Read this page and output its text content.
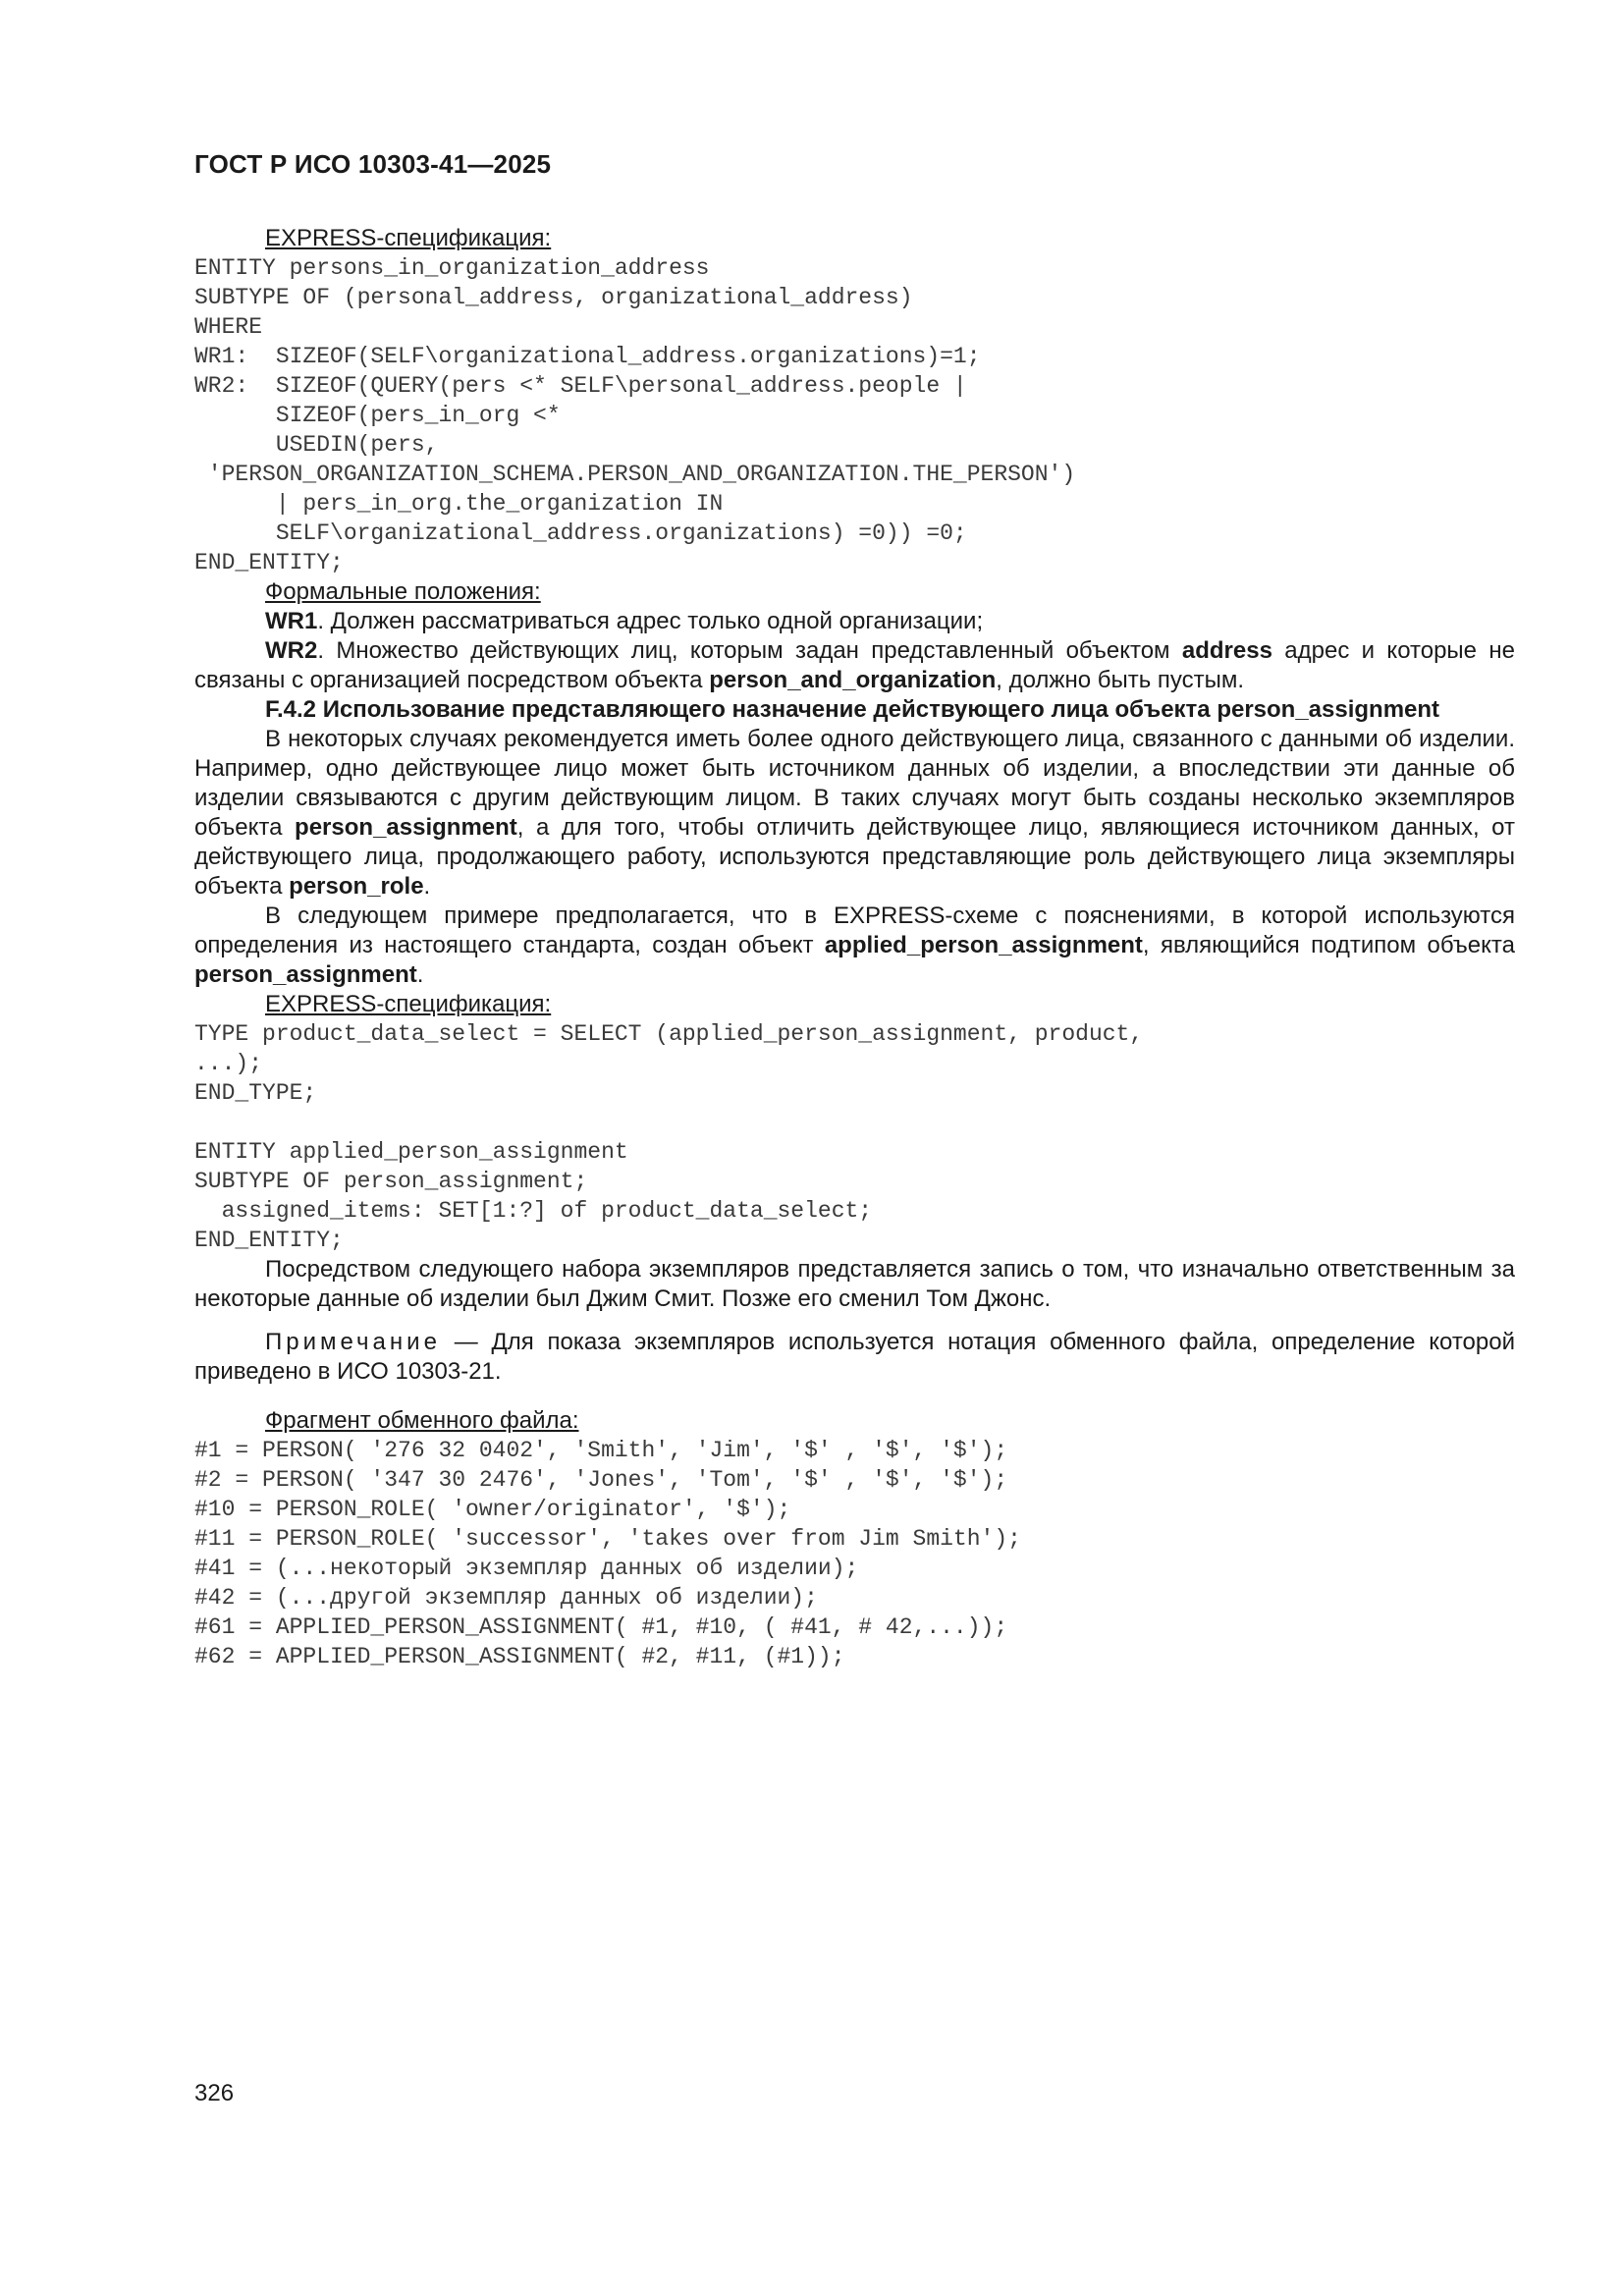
ГОСТ Р ИСО 10303-41—2025
EXPRESS-спецификация:
ENTITY persons_in_organization_address
SUBTYPE OF (personal_address, organizational_address)
WHERE
WR1:  SIZEOF(SELF\organizational_address.organizations)=1;
WR2:  SIZEOF(QUERY(pers <* SELF\personal_address.people |
SIZEOF(pers_in_org <*
USEDIN(pers,
'PERSON_ORGANIZATION_SCHEMA.PERSON_AND_ORGANIZATION.THE_PERSON')
| pers_in_org.the_organization IN
SELF\organizational_address.organizations) =0)) =0;
END_ENTITY;
Формальные положения:

WR1. Должен рассматриваться адрес только одной организации;

WR2. Множество действующих лиц, которым задан представленный объектом address адрес и которые не связаны с организацией посредством объекта person_and_organization, должно быть пустым.

F.4.2 Использование представляющего назначение действующего лица объекта person_assignment

В некоторых случаях рекомендуется иметь более одного действующего лица, связанного с данными об изделии. Например, одно действующее лицо может быть источником данных об изделии, а впоследствии эти данные об изделии связываются с другим действующим лицом. В таких случаях могут быть созданы несколько экземпляров объекта person_assignment, а для того, чтобы отличить действующее лицо, являющиеся источником данных, от действующего лица, продолжающего работу, используются представляющие роль действующего лица экземпляры объекта person_role.

В следующем примере предполагается, что в EXPRESS-схеме с пояснениями, в которой используются определения из настоящего стандарта, создан объект applied_person_assignment, являющийся подтипом объекта person_assignment.

EXPRESS-спецификация:
TYPE product_data_select = SELECT (applied_person_assignment, product,
...);
END_TYPE;
ENTITY applied_person_assignment
SUBTYPE OF person_assignment;
assigned_items: SET[1:?] of product_data_select;
END_ENTITY;

Посредством следующего набора экземпляров представляется запись о том, что изначально ответственным за некоторые данные об изделии был Джим Смит. Позже его сменил Том Джонс.

Примечание — Для показа экземпляров используется нотация обменного файла, определение которой приведено в ИСО 10303-21.

Фрагмент обменного файла:
#1 = PERSON( '276 32 0402', 'Smith', 'Jim', '$' , '$', '$');
#2 = PERSON( '347 30 2476', 'Jones', 'Tom', '$' , '$', '$');
#10 = PERSON_ROLE( 'owner/originator', '$');
#11 = PERSON_ROLE( 'successor', 'takes over from Jim Smith');
#41 = (...некоторый экземпляр данных об изделии);
#42 = (...другой экземпляр данных об изделии);
#61 = APPLIED_PERSON_ASSIGNMENT( #1, #10, ( #41, # 42,...));
#62 = APPLIED_PERSON_ASSIGNMENT( #2, #11, (#1));
326
